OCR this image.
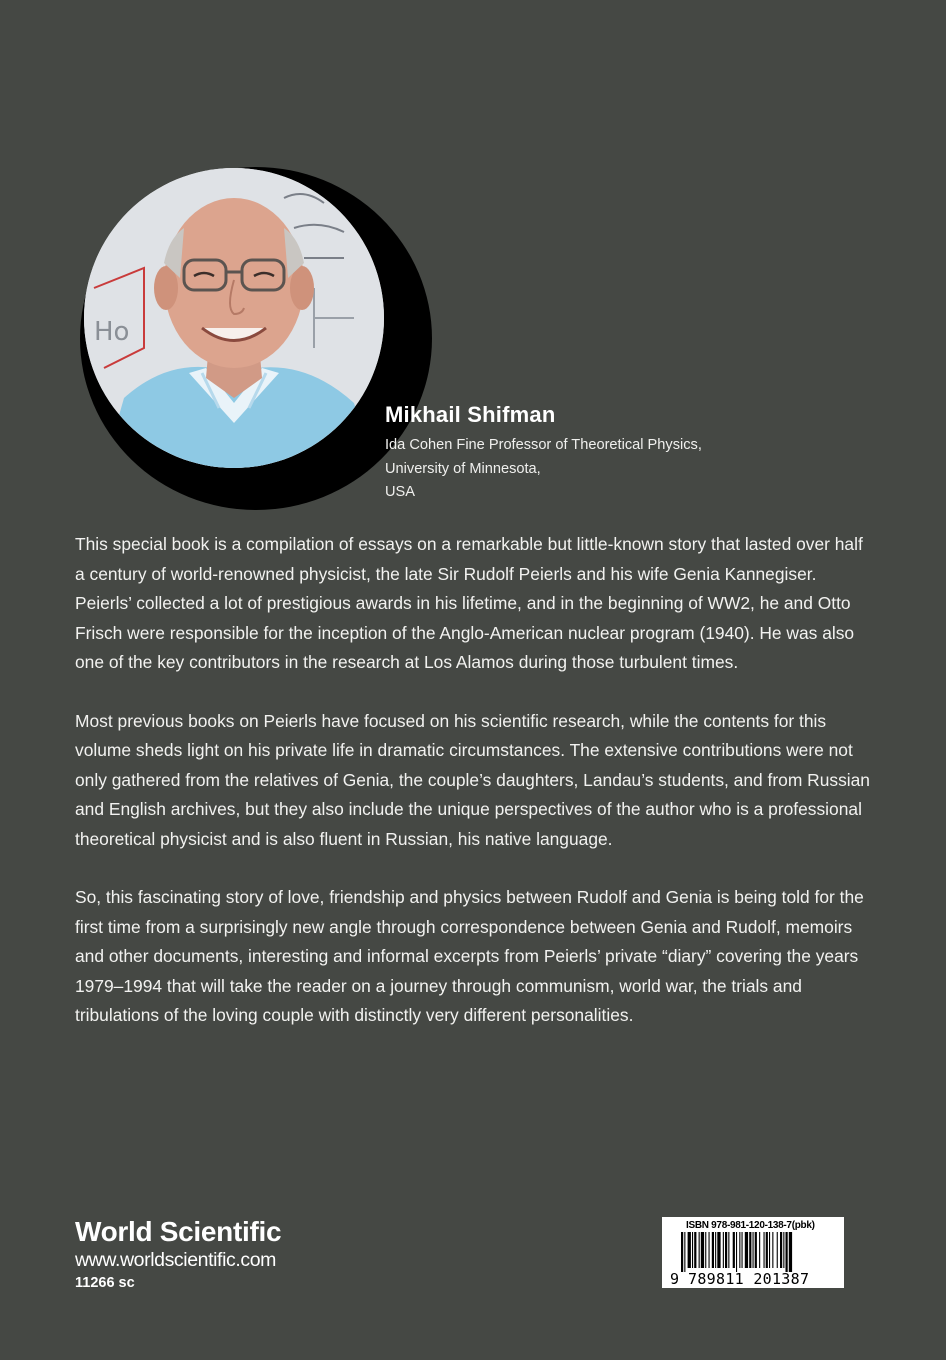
Ho
Mikhail Shifman
Ida Cohen Fine Professor of Theoretical Physics,
University of Minnesota,
USA

This special book is a compilation of essays on a remarkable but little-known story that lasted over half a century of world-renowned physicist, the late Sir Rudolf Peierls and his wife Genia Kannegiser. Peierls’ collected a lot of prestigious awards in his lifetime, and in the beginning of WW2, he and Otto Frisch were responsible for the inception of the Anglo-American nuclear program (1940). He was also one of the key contributors in the research at Los Alamos during those turbulent times.

Most previous books on Peierls have focused on his scientific research, while the contents for this volume sheds light on his private life in dramatic circumstances. The extensive contributions were not only gathered from the relatives of Genia, the couple’s daughters, Landau’s students, and from Russian and English archives, but they also include the unique perspectives of the author who is a professional theoretical physicist and is also fluent in Russian, his native language.

So, this fascinating story of love, friendship and physics between Rudolf and Genia is being told for the first time from a surprisingly new angle through correspondence between Genia and Rudolf, memoirs and other documents, interesting and informal excerpts from Peierls’ private “diary” covering the years 1979–1994 that will take the reader on a journey through communism, world war, the trials and tribulations of the loving couple with distinctly very different personalities.

World Scientific
www.worldscientific.com
11266 sc
ISBN 978-981-120-138-7(pbk)
9 789811 201387
